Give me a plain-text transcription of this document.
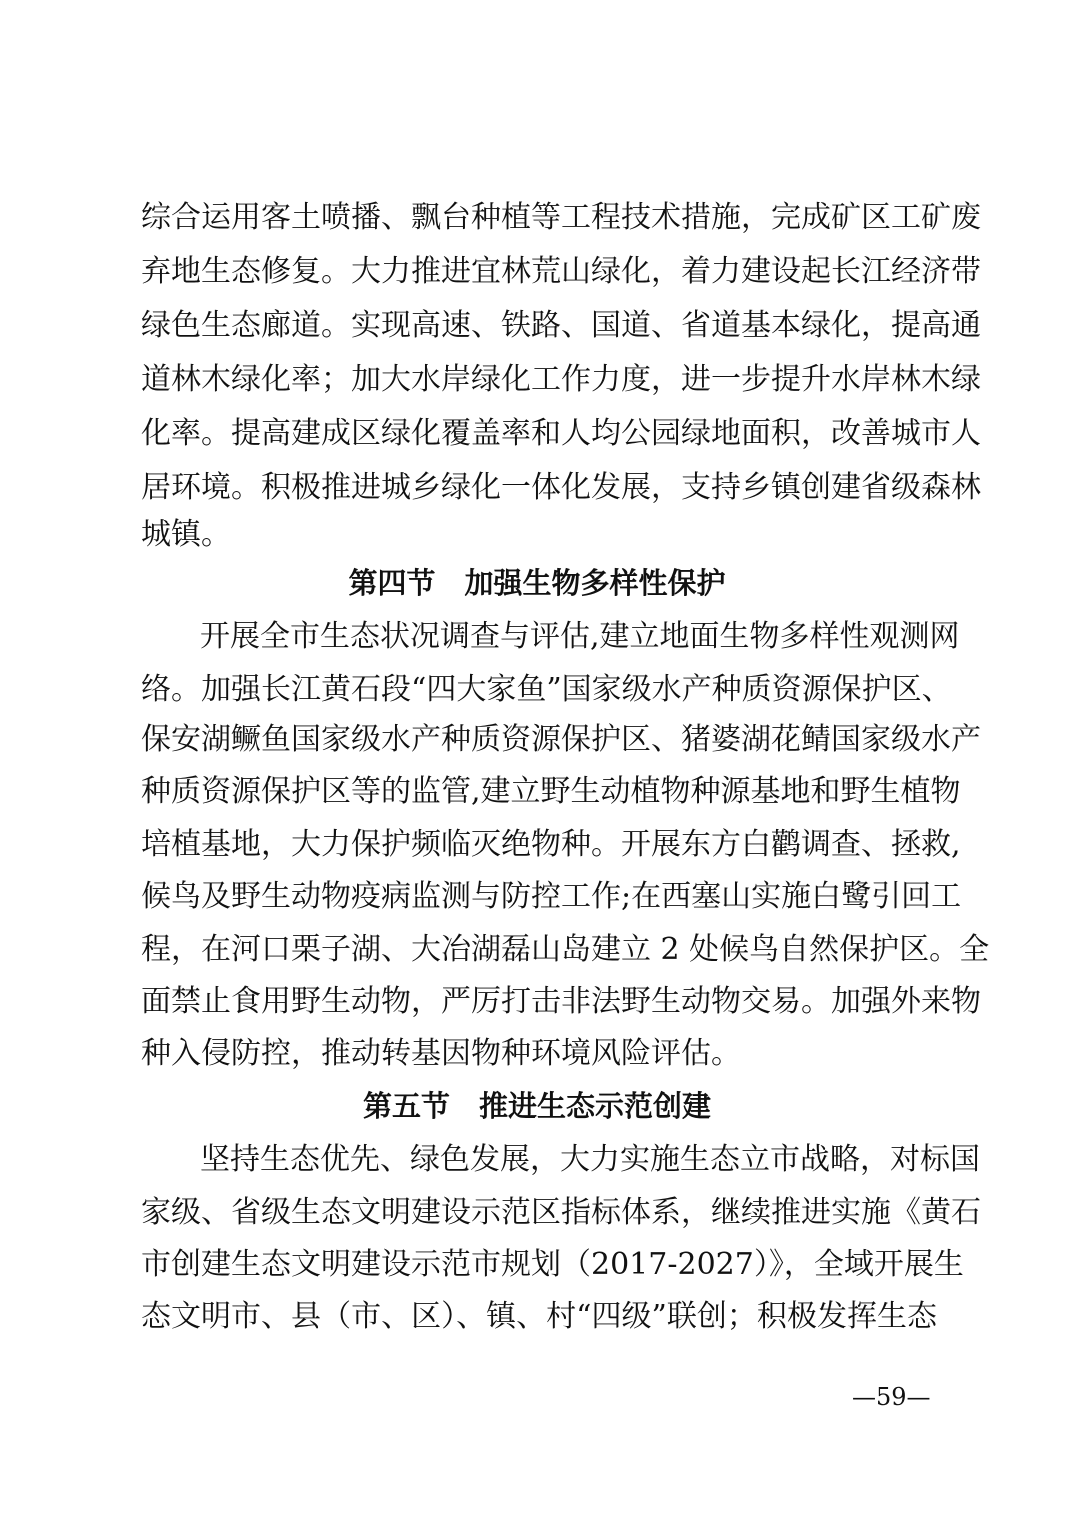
综合运用客土喷播、飘台种植等工程技术措施，完成矿区工矿废
弃地生态修复。大力推进宜林荒山绿化，着力建设起长江经济带
绿色生态廊道。实现高速、铁路、国道、省道基本绿化，提高通
道林木绿化率；加大水岸绿化工作力度，进一步提升水岸林木绿
化率。提高建成区绿化覆盖率和人均公园绿地面积，改善城市人
居环境。积极推进城乡绿化一体化发展，支持乡镇创建省级森林
城镇。
第四节　加强生物多样性保护
开展全市生态状况调查与评估,建立地面生物多样性观测网
络。加强长江黄石段“四大家鱼”国家级水产种质资源保护区、
保安湖鳜鱼国家级水产种质资源保护区、猪婆湖花鲭国家级水产
种质资源保护区等的监管,建立野生动植物种源基地和野生植物
培植基地，大力保护频临灭绝物种。开展东方白鹳调查、拯救,
候鸟及野生动物疫病监测与防控工作;在西塞山实施白鹭引回工
程，在河口栗子湖、大冶湖磊山岛建立 2 处候鸟自然保护区。全
面禁止食用野生动物，严厉打击非法野生动物交易。加强外来物
种入侵防控，推动转基因物种环境风险评估。
第五节　推进生态示范创建
坚持生态优先、绿色发展，大力实施生态立市战略，对标国
家级、省级生态文明建设示范区指标体系，继续推进实施《黄石
市创建生态文明建设示范市规划（2017-2027）》，全域开展生
态文明市、县（市、区）、镇、村“四级”联创；积极发挥生态
—59—
